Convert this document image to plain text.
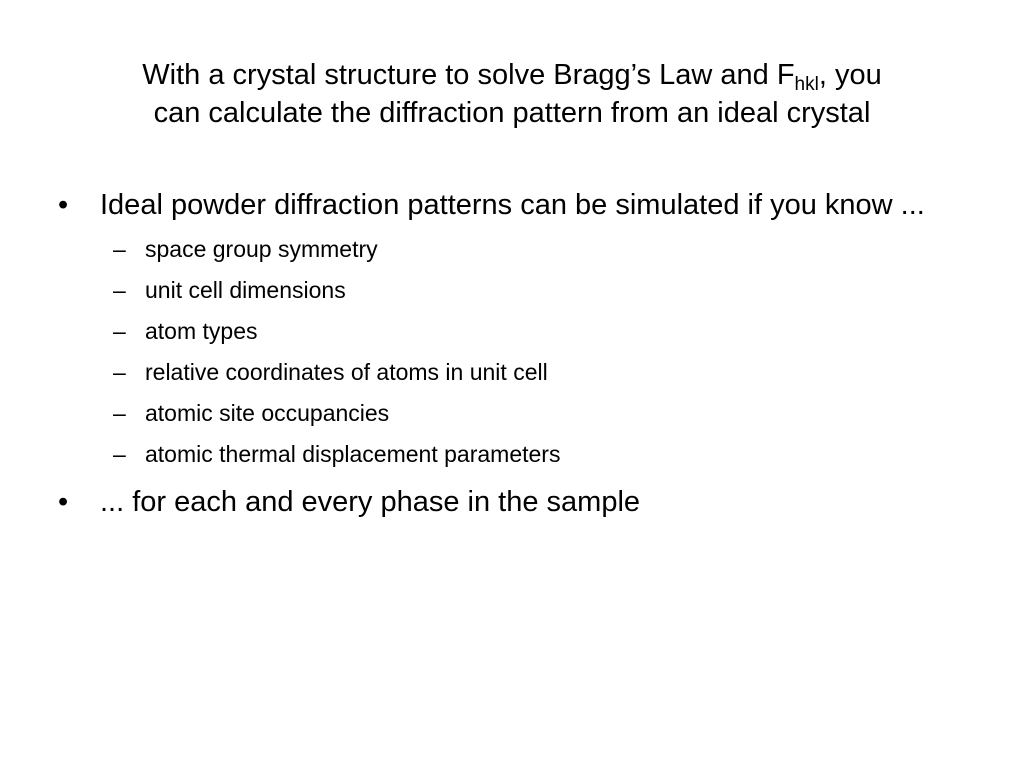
With a crystal structure to solve Bragg’s Law and $F_{hkl}$, you
can calculate the diffraction pattern from an ideal crystal
• Ideal powder diffraction patterns can be simulated if you know ...
– space group symmetry
– unit cell dimensions
– atom types
– relative coordinates of atoms in unit cell
– atomic site occupancies
– atomic thermal displacement parameters
• ... for each and every phase in the sample
